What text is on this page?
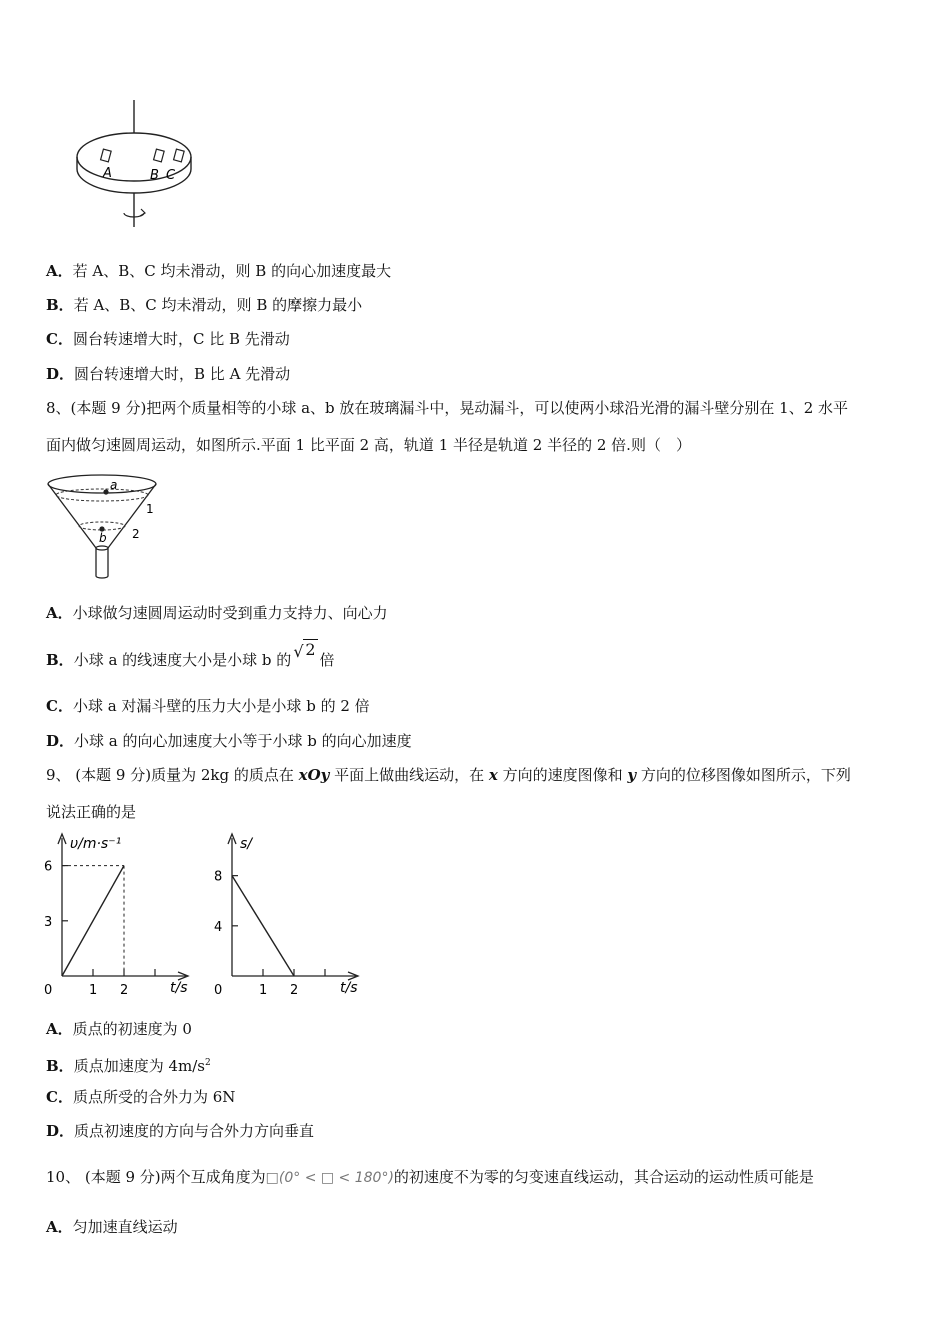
A	B C
A．若 A、B、C 均未滑动，则 B 的向心加速度最大
B．若 A、B、C 均未滑动，则 B 的摩擦力最小
C．圆台转速增大时，C 比 B 先滑动
D．圆台转速增大时，B 比 A 先滑动
8、(本题 9 分)把两个质量相等的小球 a、b 放在玻璃漏斗中，晃动漏斗，可以使两小球沿光滑的漏斗壁分别在 1、2 水平
面内做匀速圆周运动，如图所示.平面 1 比平面 2 高，轨道 1 半径是轨道 2 半径的 2 倍.则（　）
a
b
1
2
A．小球做匀速圆周运动时受到重力支持力、向心力
B．小球 a 的线速度大小是小球 b 的 √ 2倍
C．小球 a 对漏斗壁的压力大小是小球 b 的 2 倍
D．小球 a 的向心加速度大小等于小球 b 的向心加速度
9、 (本题 9 分)质量为 2kg 的质点在 xOy 平面上做曲线运动，在 x 方向的速度图像和 y 方向的位移图像如图所示，下列
说法正确的是
υ/m·s⁻¹
t/s
0	1 2
3
6
s/
t/s
0	1 2
4
8
A．质点的初速度为 0
B．质点加速度为 $4m/s^2$
C．质点所受的合外力为 6N
D．质点初速度的方向与合外力方向垂直
10、 (本题 9 分)两个互成角度为□(0° < □ < 180°)的初速度不为零的匀变速直线运动，其合运动的运动性质可能是
A．匀加速直线运动
